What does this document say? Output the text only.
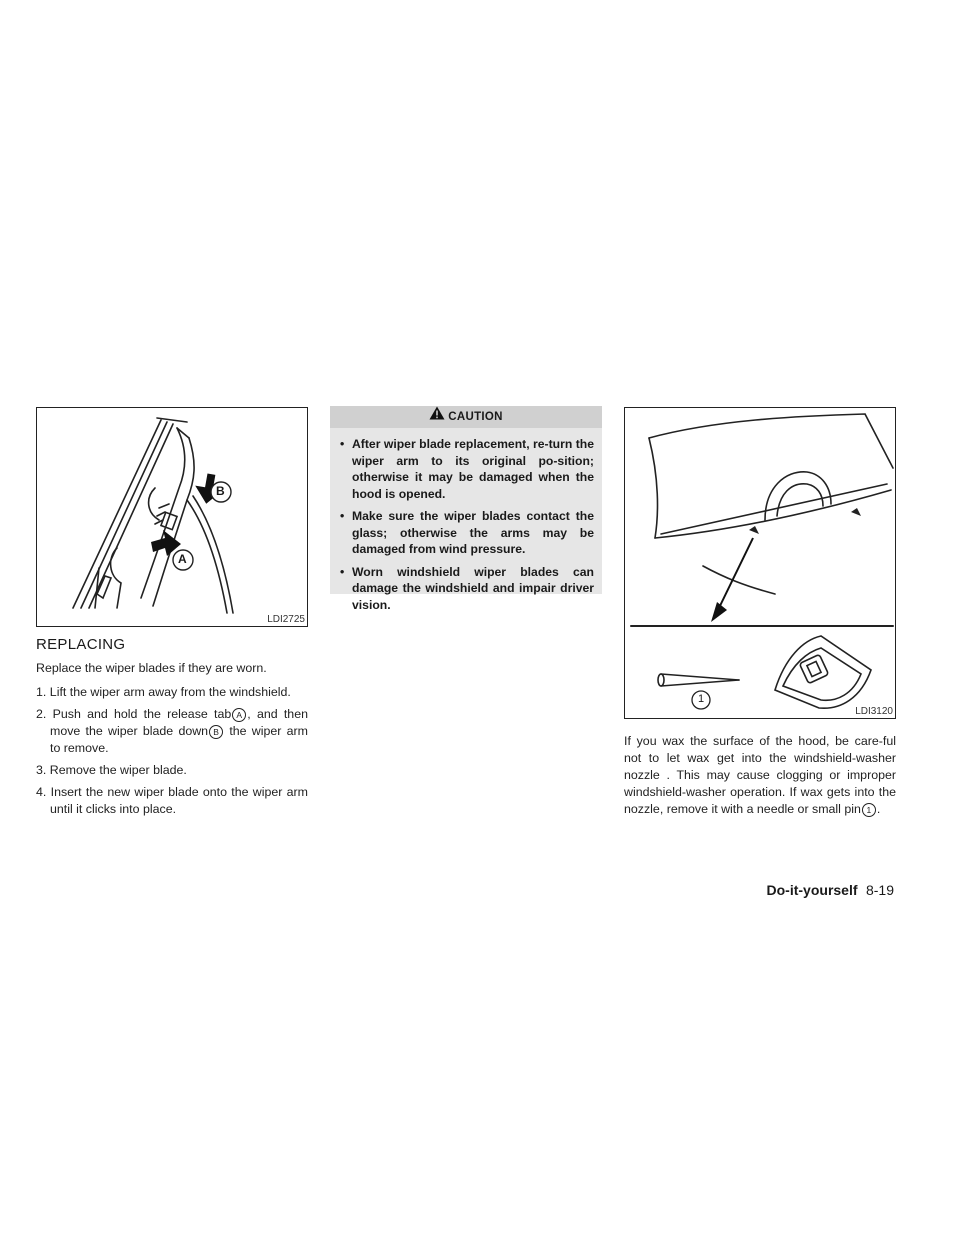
B
A
LDI2725
REPLACING
Replace the wiper blades if they are worn.
1. Lift the wiper arm away from the windshield.
2. Push and hold the release tab A , and then move the wiper blade down B the wiper arm to remove.
3. Remove the wiper blade.
4. Insert the new wiper blade onto the wiper arm until it clicks into place.
CAUTION
• After wiper blade replacement, re-turn the wiper arm to its original po-sition; otherwise it may be damaged when the hood is opened.
• Make sure the wiper blades contact the glass; otherwise the arms may be damaged from wind pressure.
• Worn windshield wiper blades can damage the windshield and impair driver vision.
1
LDI3120
If you wax the surface of the hood, be care-ful not to let wax get into the windshield-washer nozzle . This may cause clogging or improper windshield-washer operation. If wax gets into the nozzle, remove it with a needle or small pin 1 .
Do-it-yourself 8-19
